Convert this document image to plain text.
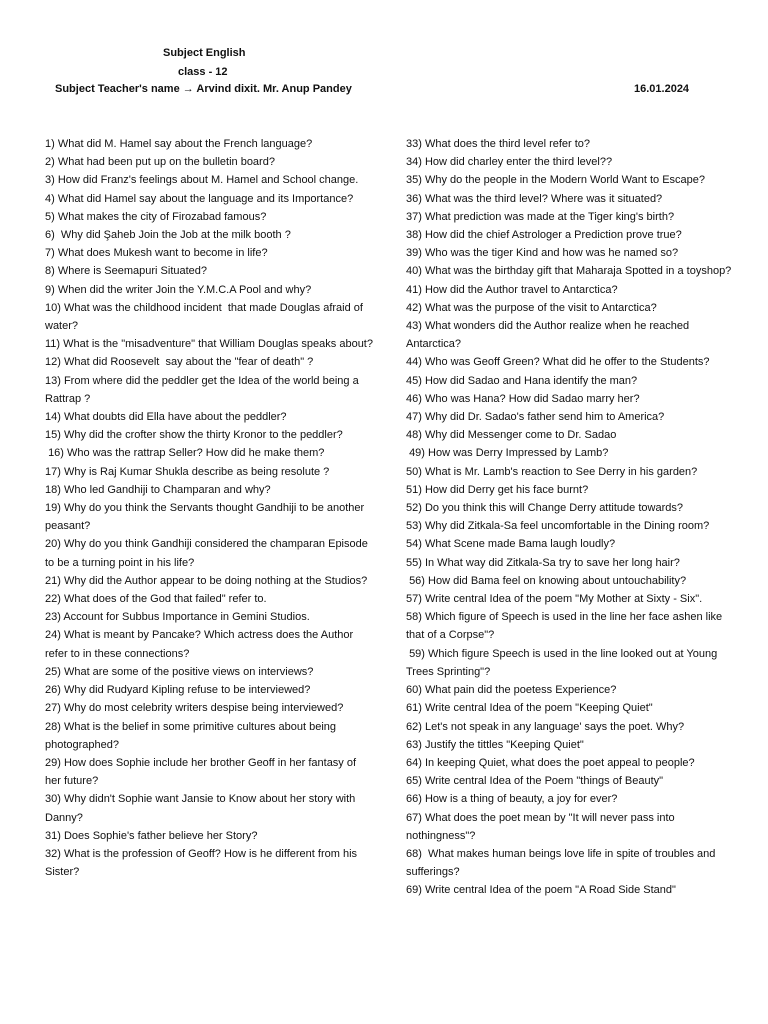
Subject English
class - 12
Subject Teacher's name → Arvind dixit. Mr. Anup Pandey	16.01.2024
1) What did M. Hamel say about the French language?
2) What had been put up on the bulletin board?
3) How did Franz's feelings about M. Hamel and School change.
4) What did Hamel say about the language and its Importance?
5) What makes the city of Firozabad famous?
6)  Why did Şaheb Join the Job at the milk booth ?
7) What does Mukesh want to become in life?
8) Where is Seemapuri Situated?
9) When did the writer Join the Y.M.C.A Pool and why?
10) What was the childhood incident  that made Douglas afraid of water?
11) What is the "misadventure" that William Douglas speaks about?
12) What did Roosevelt  say about the "fear of death" ?
13) From where did the peddler get the Idea of the world being a Rattrap ?
14) What doubts did Ella have about the peddler?
15) Why did the crofter show the thirty Kronor to the peddler?
16) Who was the rattrap Seller? How did he make them?
17) Why is Raj Kumar Shukla describe as being resolute ?
18) Who led Gandhiji to Champaran and why?
19) Why do you think the Servants thought Gandhiji to be another peasant?
20) Why do you think Gandhiji considered the champaran Episode to be a turning point in his life?
21) Why did the Author appear to be doing nothing at the Studios?
22) What does of the God that failed" refer to.
23) Account for Subbus Importance in Gemini Studios.
24) What is meant by Pancake? Which actress does the Author refer to in these connections?
25) What are some of the positive views on interviews?
26) Why did Rudyard Kipling refuse to be interviewed?
27) Why do most celebrity writers despise being interviewed?
28) What is the belief in some primitive cultures about being photographed?
29) How does Sophie include her brother Geoff in her fantasy of her future?
30) Why didn't Sophie want Jansie to Know about her story with Danny?
31) Does Sophie's father believe her Story?
32) What is the profession of Geoff? How is he different from his Sister?
33) What does the third level refer to?
34) How did charley enter the third level??
35) Why do the people in the Modern World Want to Escape?
36) What was the third level? Where was it situated?
37) What prediction was made at the Tiger king's birth?
38) How did the chief Astrologer a Prediction prove true?
39) Who was the tiger Kind and how was he named so?
40) What was the birthday gift that Maharaja Spotted in a toyshop?
41) How did the Author travel to Antarctica?
42) What was the purpose of the visit to Antarctica?
43) What wonders did the Author realize when he reached Antarctica?
44) Who was Geoff Green? What did he offer to the Students?
45) How did Sadao and Hana identify the man?
46) Who was Hana? How did Sadao marry her?
47) Why did Dr. Sadao's father send him to America?
48) Why did Messenger come to Dr. Sadao
49) How was Derry Impressed by Lamb?
50) What is Mr. Lamb's reaction to See Derry in his garden?
51) How did Derry get his face burnt?
52) Do you think this will Change Derry attitude towards?
53) Why did Zitkala-Sa feel uncomfortable in the Dining room?
54) What Scene made Bama laugh loudly?
55) In What way did Zitkala-Sa try to save her long hair?
56) How did Bama feel on knowing about untouchability?
57) Write central Idea of the poem "My Mother at Sixty - Six".
58) Which figure of Speech is used in the line her face ashen like that of a Corpse"?
59) Which figure Speech is used in the line looked out at Young Trees Sprinting"?
60) What pain did the poetess Experience?
61) Write central Idea of the poem "Keeping Quiet"
62) Let's not speak in any language' says the poet. Why?
63) Justify the tittles "Keeping Quiet"
64) In keeping Quiet, what does the poet appeal to people?
65) Write central Idea of the Poem "things of Beauty"
66) How is a thing of beauty, a joy for ever?
67) What does the poet mean by "It will never pass into nothingness"?
68)  What makes human beings love life in spite of troubles and sufferings?
69) Write central Idea of the poem "A Road Side Stand"
